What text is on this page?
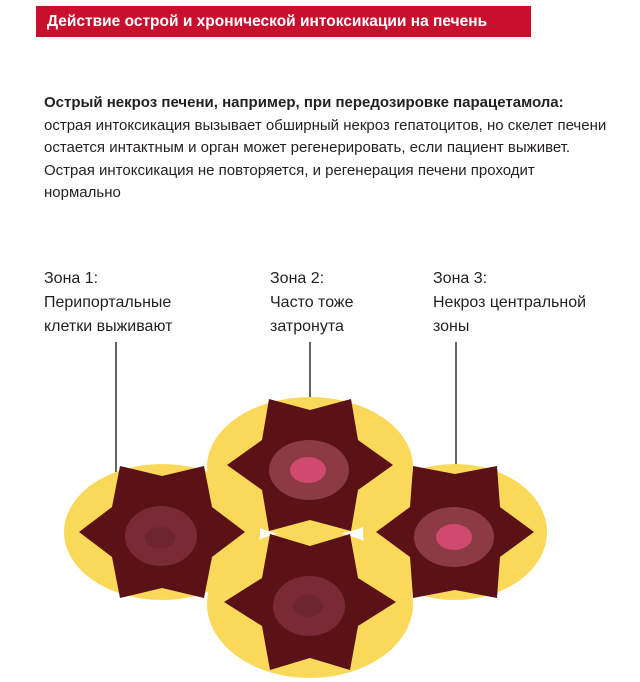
Действие острой и хронической интоксикации на печень
Острый некроз печени, например, при передозировке парацетамола: острая интоксикация вызывает обширный некроз гепатоцитов, но скелет печени остается интактным и орган может регенерировать, если пациент выживет. Острая интоксикация не повторяется, и регенерация печени проходит нормально
Зона 1:
Перипортальные
клетки выживают
Зона 2:
Часто тоже
затронута
Зона 3:
Некроз центральной
зоны
